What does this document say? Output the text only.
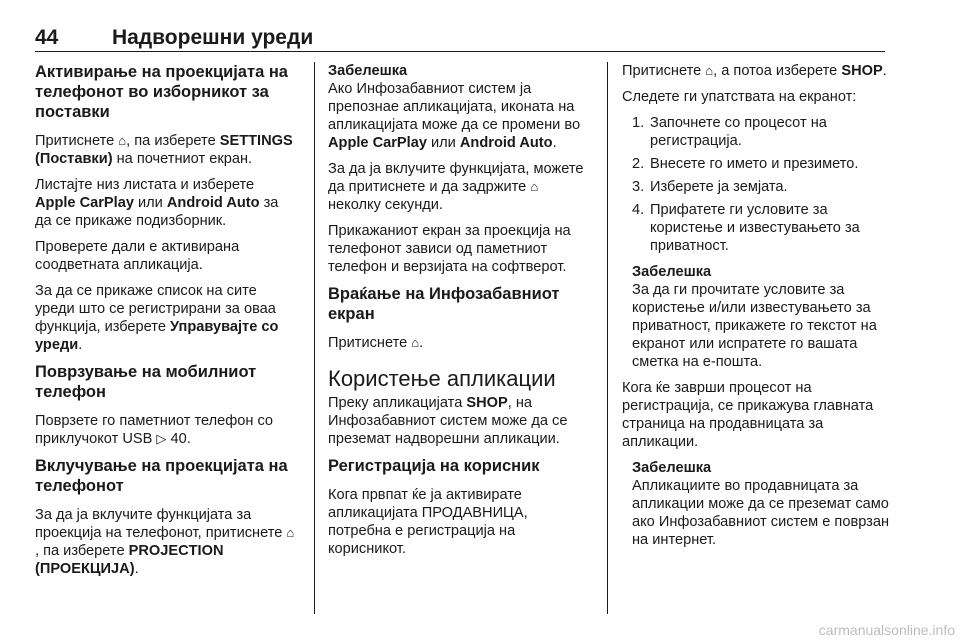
44	Надворешни уреди
Активирање на проекцијата на телефонот во изборникот за поставки

Притиснете ⌂, па изберете SETTINGS (Поставки) на почетниот екран.

Листајте низ листата и изберете Apple CarPlay или Android Auto за да се прикаже подизборник.

Проверете дали е активирана соодветната апликација.

За да се прикаже список на сите уреди што се регистрирани за оваа функција, изберете Управувајте со уреди.

Поврзување на мобилниот телефон

Поврзете го паметниот телефон со приклучокот USB ▷ 40.

Вклучување на проекцијата на телефонот

За да ја вклучите функцијата за проекција на телефонот, притиснете ⌂, па изберете PROJECTION (ПРОЕКЦИЈА).

Забелешка
Ако Инфозабавниот систем ја препознае апликацијата, иконата на апликацијата може да се промени во Apple CarPlay или Android Auto.

За да ја вклучите функцијата, можете да притиснете и да задржите ⌂ неколку секунди.

Прикажаниот екран за проекција на телефонот зависи од паметниот телефон и верзијата на софтверот.

Враќање на Инфозабавниот екран

Притиснете ⌂.

Користење апликации

Преку апликацијата SHOP, на Инфозабавниот систем може да се преземат надворешни апликации.

Регистрација на корисник

Кога првпат ќе ја активирате апликацијата ПРОДАВНИЦА, потребна е регистрација на корисникот.

Притиснете ⌂, а потоа изберете SHOP.

Следете ги упатствата на екранот:

1. Започнете со процесот на регистрација.
2. Внесете го името и презимето.
3. Изберете ја земјата.
4. Прифатете ги условите за користење и известувањето за приватност.
Забелешка
За да ги прочитате условите за користење и/или известувањето за приватност, прикажете го текстот на екранот или испратете го вашата сметка на е-пошта.

Кога ќе заврши процесот на регистрација, се прикажува главната страница на продавницата за апликации.

Забелешка
Апликациите во продавницата за апликации може да се преземат само ако Инфозабавниот систем е поврзан на интернет.
carmanualsonline.info
